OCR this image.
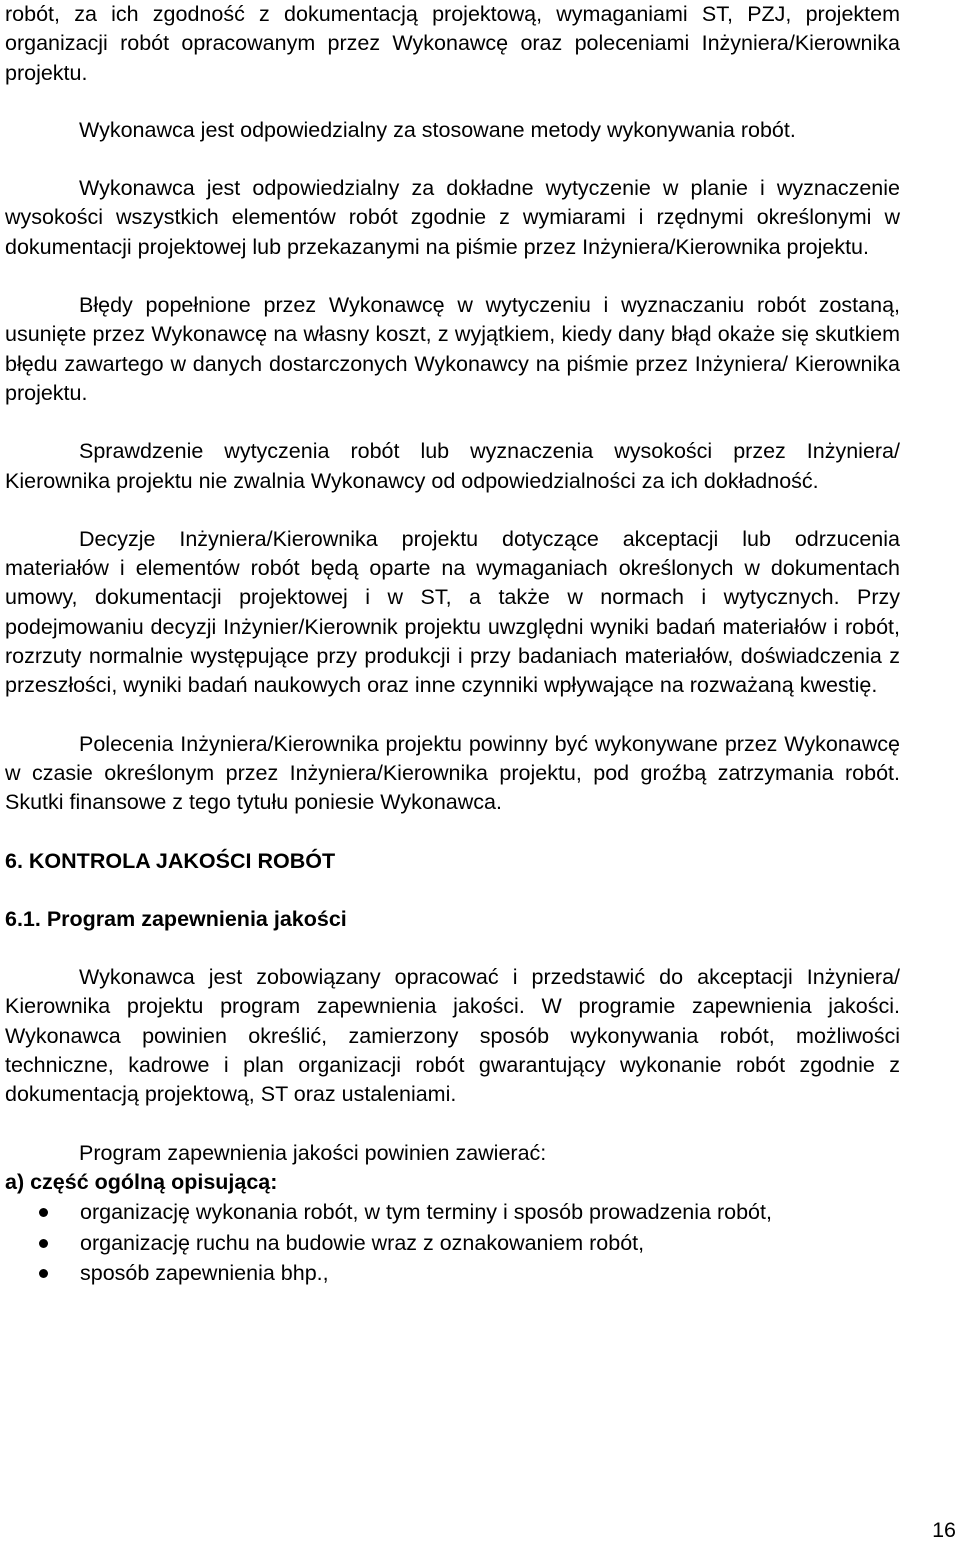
robót, za ich zgodność z dokumentacją projektową, wymaganiami ST, PZJ, projektem organizacji robót opracowanym przez Wykonawcę oraz poleceniami Inżyniera/Kierownika projektu.

Wykonawca jest odpowiedzialny za stosowane metody wykonywania robót.

Wykonawca jest odpowiedzialny za dokładne wytyczenie w planie i wyznaczenie wysokości wszystkich elementów robót zgodnie z wymiarami i rzędnymi określonymi w dokumentacji projektowej lub przekazanymi na piśmie przez Inżyniera/Kierownika projektu.

Błędy popełnione przez Wykonawcę w wytyczeniu i wyznaczaniu robót zostaną, usunięte przez Wykonawcę na własny koszt, z wyjątkiem, kiedy dany błąd okaże się skutkiem błędu zawartego w danych dostarczonych Wykonawcy na piśmie przez Inżyniera/ Kierownika projektu.

Sprawdzenie wytyczenia robót lub wyznaczenia wysokości przez Inżyniera/ Kierownika projektu nie zwalnia Wykonawcy od odpowiedzialności za ich dokładność.

Decyzje Inżyniera/Kierownika projektu dotyczące akceptacji lub odrzucenia materiałów i elementów robót będą oparte na wymaganiach określonych w dokumentach umowy, dokumentacji projektowej i w ST, a także w normach i wytycznych. Przy podejmowaniu decyzji Inżynier/Kierownik projektu uwzględni wyniki badań materiałów i robót, rozrzuty normalnie występujące przy produkcji i przy badaniach materiałów, doświadczenia z przeszłości, wyniki badań naukowych oraz inne czynniki wpływające na rozważaną kwestię.

Polecenia Inżyniera/Kierownika projektu powinny być wykonywane przez Wykonawcę w czasie określonym przez Inżyniera/Kierownika projektu, pod groźbą zatrzymania robót. Skutki finansowe z tego tytułu poniesie Wykonawca.

6. KONTROLA JAKOŚCI ROBÓT

6.1. Program zapewnienia jakości

Wykonawca jest zobowiązany opracować i przedstawić do akceptacji Inżyniera/ Kierownika projektu program zapewnienia jakości. W programie zapewnienia jakości. Wykonawca powinien określić, zamierzony sposób wykonywania robót, możliwości techniczne, kadrowe i plan organizacji robót gwarantujący wykonanie robót zgodnie z dokumentacją projektową, ST oraz ustaleniami.

Program zapewnienia jakości powinien zawierać:

a) część ogólną opisującą:

organizację wykonania robót, w tym terminy i sposób prowadzenia robót,
organizację ruchu na budowie wraz z oznakowaniem robót,
sposób zapewnienia bhp.,
16
